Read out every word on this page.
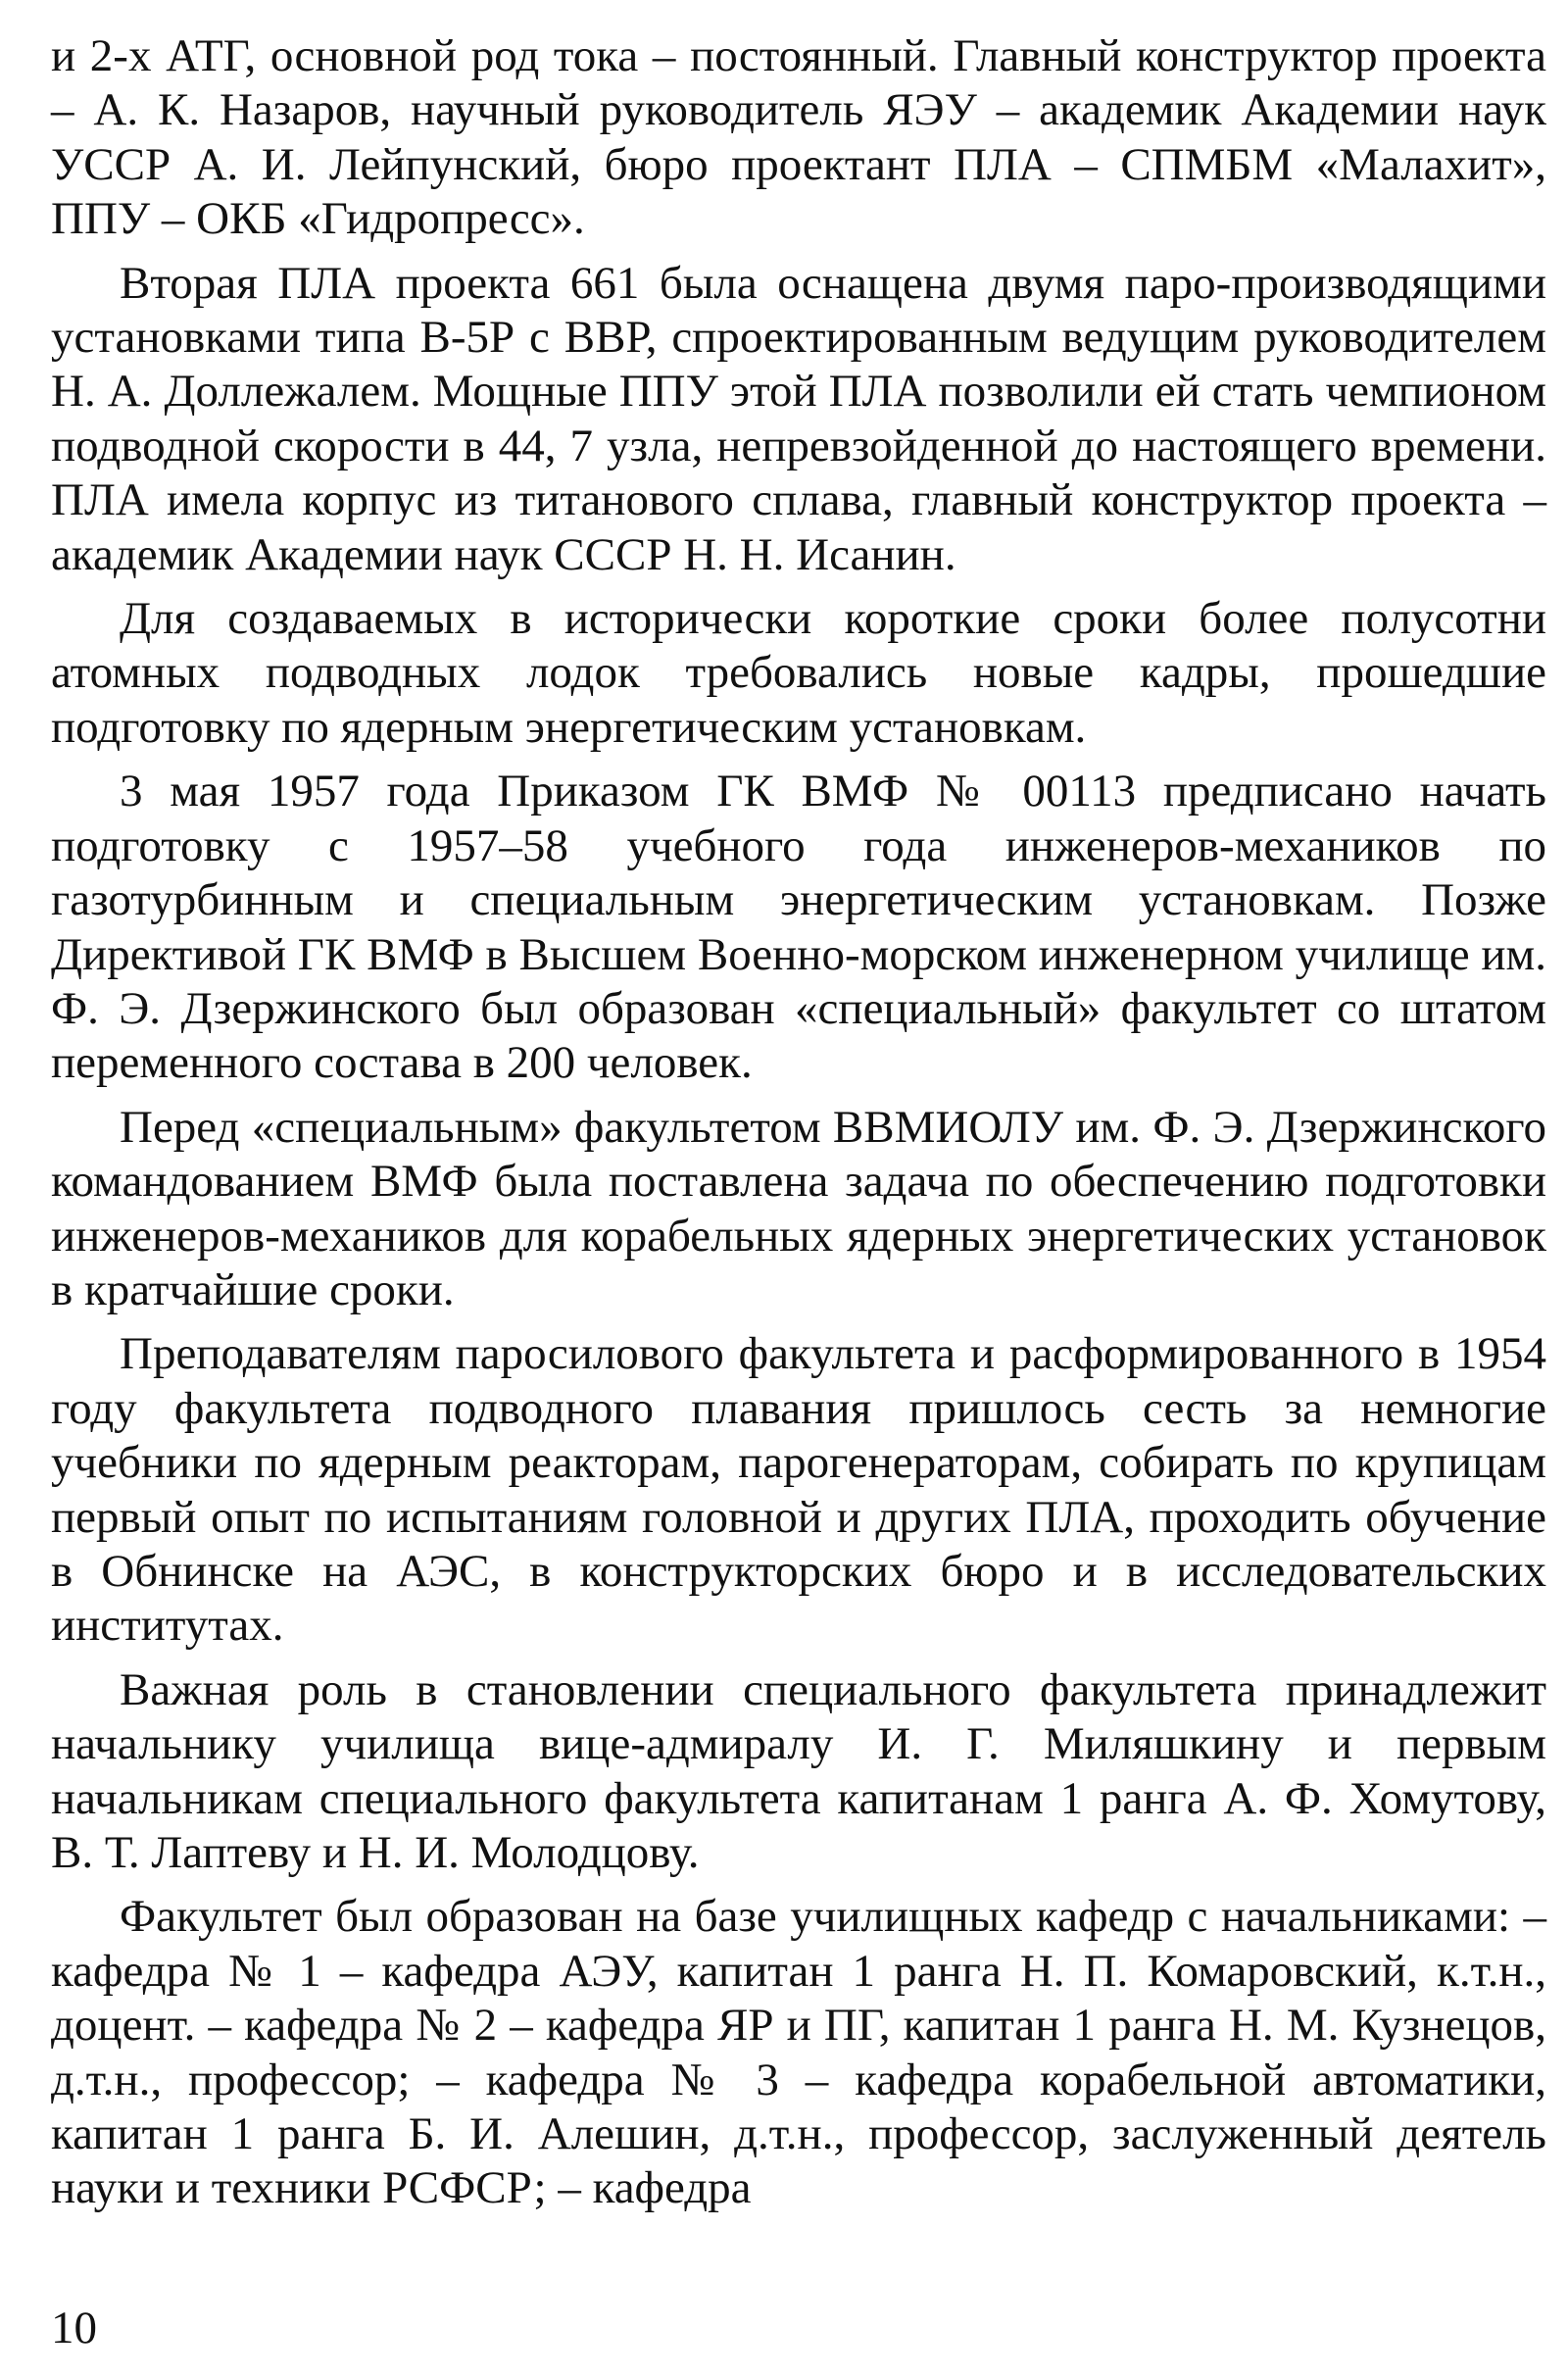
и 2-х АТГ, основной род тока – постоянный. Главный конструктор проекта – А. К. Назаров, научный руководитель ЯЭУ – академик Академии наук УССР А. И. Лейпунский, бюро проектант ПЛА – СПМБМ «Малахит», ППУ – ОКБ «Гидропресс».

Вторая ПЛА проекта 661 была оснащена двумя паро-производящими установками типа В-5Р с ВВР, спроектированным ведущим руководителем Н. А. Доллежалем. Мощные ППУ этой ПЛА позволили ей стать чемпионом подводной скорости в 44, 7 узла, непревзойденной до настоящего времени. ПЛА имела корпус из титанового сплава, главный конструктор проекта – академик Академии наук СССР Н. Н. Исанин.

Для создаваемых в исторически короткие сроки более полусотни атомных подводных лодок требовались новые кадры, прошедшие подготовку по ядерным энергетическим установкам.

3 мая 1957 года Приказом ГК ВМФ № 00113 предписано начать подготовку с 1957–58 учебного года инженеров-механиков по газотурбинным и специальным энергетическим установкам. Позже Директивой ГК ВМФ в Высшем Военно-морском инженерном училище им. Ф. Э. Дзержинского был образован «специальный» факультет со штатом переменного состава в 200 человек.

Перед «специальным» факультетом ВВМИОЛУ им. Ф. Э. Дзержинского командованием ВМФ была поставлена задача по обеспечению подготовки инженеров-механиков для корабельных ядерных энергетических установок в кратчайшие сроки.

Преподавателям паросилового факультета и расформированного в 1954 году факультета подводного плавания пришлось сесть за немногие учебники по ядерным реакторам, парогенераторам, собирать по крупицам первый опыт по испытаниям головной и других ПЛА, проходить обучение в Обнинске на АЭС, в конструкторских бюро и в исследовательских институтах.

Важная роль в становлении специального факультета принадлежит начальнику училища вице-адмиралу И. Г. Миляшкину и первым начальникам специального факультета капитанам 1 ранга А. Ф. Хомутову, В. Т. Лаптеву и Н. И. Молодцову.

Факультет был образован на базе училищных кафедр с начальниками: – кафедра № 1 – кафедра АЭУ, капитан 1 ранга Н. П. Комаровский, к.т.н., доцент. – кафедра № 2 – кафедра ЯР и ПГ, капитан 1 ранга Н. М. Кузнецов, д.т.н., профессор; – кафедра № 3 – кафедра корабельной автоматики, капитан 1 ранга Б. И. Алешин, д.т.н., профессор, заслуженный деятель науки и техники РСФСР; – кафедра

10
